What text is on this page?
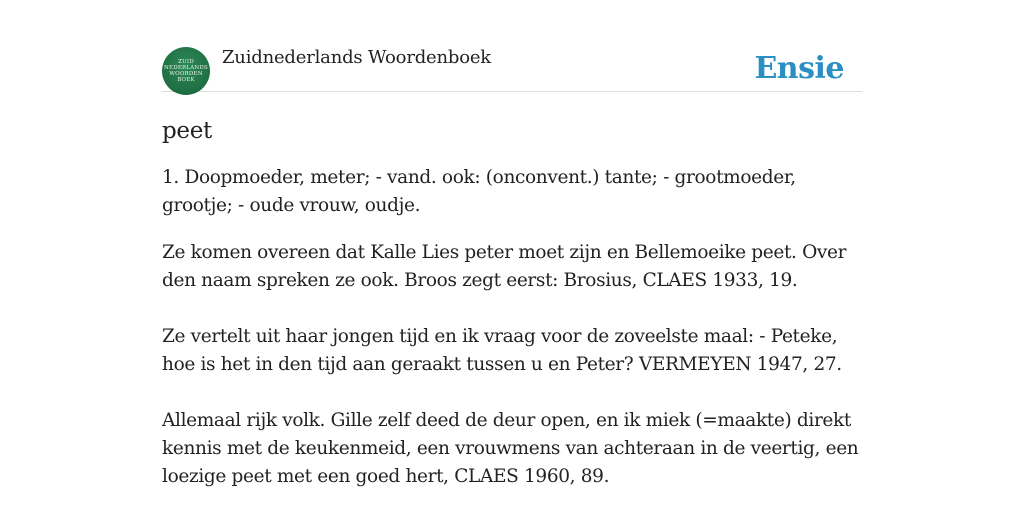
ZUID
NEDERLANDS
WOORDEN
BOEK
Zuidnederlands Woordenboek	Ensie
peet
1. Doopmoeder, meter; - vand. ook: (onconvent.) tante; - grootmoeder, grootje; - oude vrouw, oudje.
Ze komen overeen dat Kalle Lies peter moet zijn en Bellemoeike peet. Over den naam spreken ze ook. Broos zegt eerst: Brosius, CLAES 1933, 19.
Ze vertelt uit haar jongen tijd en ik vraag voor de zoveelste maal: - Peteke, hoe is het in den tijd aan geraakt tussen u en Peter? VERMEYEN 1947, 27.
Allemaal rijk volk. Gille zelf deed de deur open, en ik miek (=maakte) direkt kennis met de keukenmeid, een vrouwmens van achteraan in de veertig, een loezige peet met een goed hert, CLAES 1960, 89.
